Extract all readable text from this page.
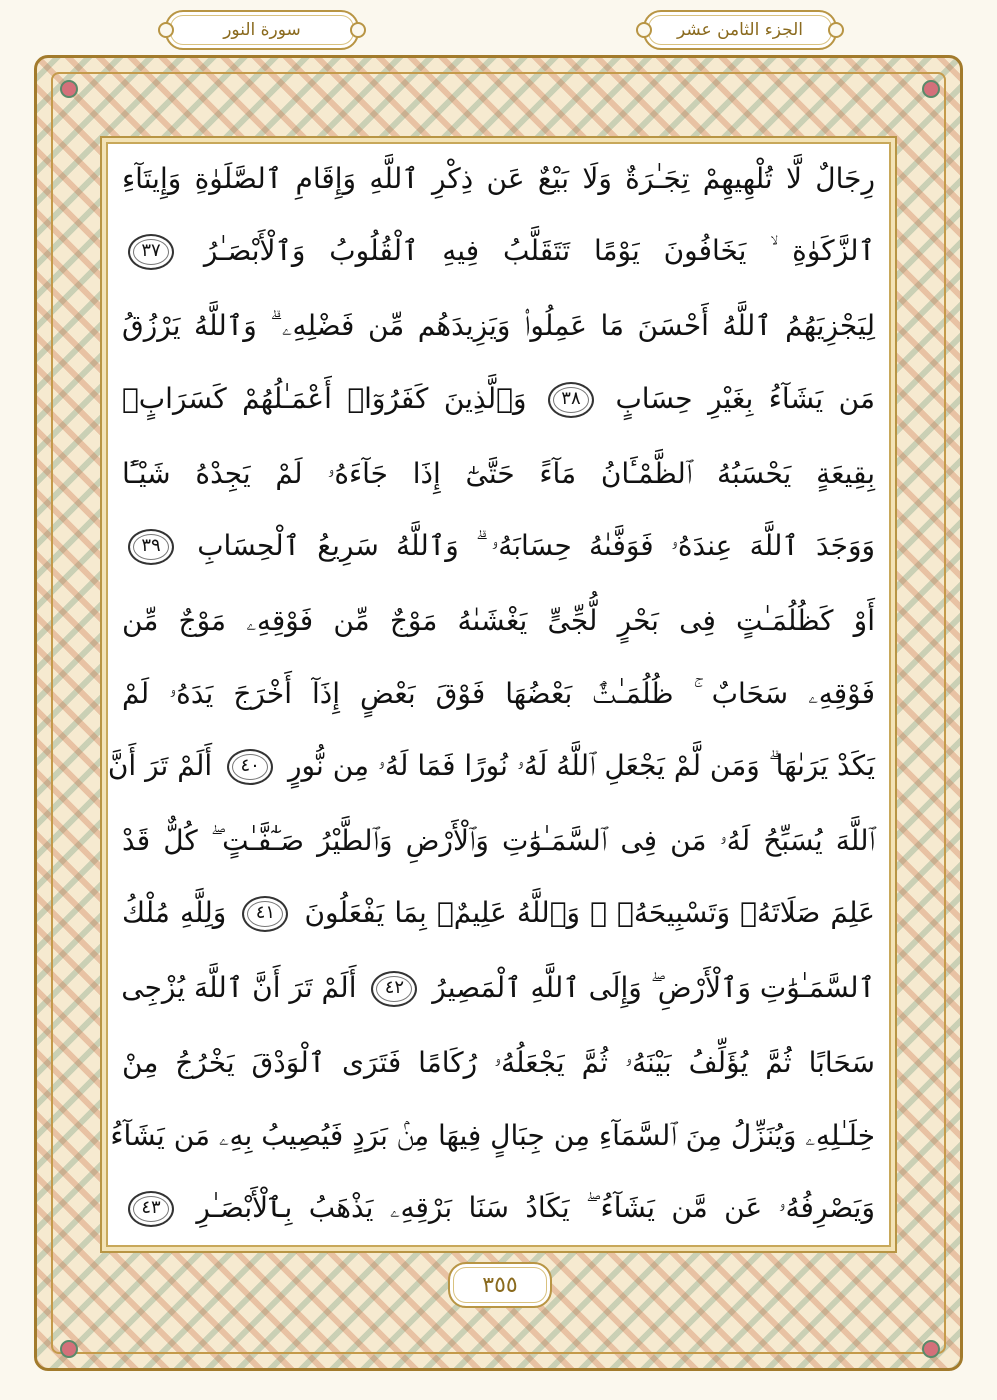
سورة النور	الجزء الثامن عشر
رِجَالٌ لَّا تُلْهِيهِمْ تِجَـٰرَةٌ وَلَا بَيْعٌ عَن ذِكْرِ ٱللَّهِ وَإِقَامِ ٱلصَّلَوٰةِ وَإِيتَآءِ
ٱلزَّكَوٰةِ ۙ يَخَافُونَ يَوْمًا تَتَقَلَّبُ فِيهِ ٱلْقُلُوبُ وَٱلْأَبْصَـٰرُ ٣٧
لِيَجْزِيَهُمُ ٱللَّهُ أَحْسَنَ مَا عَمِلُوا۟ وَيَزِيدَهُم مِّن فَضْلِهِۦ ۗ وَٱللَّهُ يَرْزُقُ
مَن يَشَآءُ بِغَيْرِ حِسَابٍ ٣٨ وَٱلَّذِينَ كَفَرُوٓا۟ أَعْمَـٰلُهُمْ كَسَرَابٍۭ
بِقِيعَةٍ يَحْسَبُهُ ٱلظَّمْـَٔانُ مَآءً حَتَّىٰٓ إِذَا جَآءَهُۥ لَمْ يَجِدْهُ شَيْـًٔا
وَوَجَدَ ٱللَّهَ عِندَهُۥ فَوَفَّىٰهُ حِسَابَهُۥ ۗ وَٱللَّهُ سَرِيعُ ٱلْحِسَابِ ٣٩
أَوْ كَظُلُمَـٰتٍ فِى بَحْرٍ لُّجِّىٍّ يَغْشَىٰهُ مَوْجٌ مِّن فَوْقِهِۦ مَوْجٌ مِّن
فَوْقِهِۦ سَحَابٌ ۚ ظُلُمَـٰتٌۢ بَعْضُهَا فَوْقَ بَعْضٍ إِذَآ أَخْرَجَ يَدَهُۥ لَمْ
يَكَدْ يَرَىٰهَا ۗ وَمَن لَّمْ يَجْعَلِ ٱللَّهُ لَهُۥ نُورًا فَمَا لَهُۥ مِن نُّورٍ ٤٠ أَلَمْ تَرَ أَنَّ
ٱللَّهَ يُسَبِّحُ لَهُۥ مَن فِى ٱلسَّمَـٰوَٰتِ وَٱلْأَرْضِ وَٱلطَّيْرُ صَـٰٓفَّـٰتٍ ۖ كُلٌّ قَدْ
عَلِمَ صَلَاتَهُۥ وَتَسْبِيحَهُۥ ۗ وَٱللَّهُ عَلِيمٌۢ بِمَا يَفْعَلُونَ ٤١ وَلِلَّهِ مُلْكُ
ٱلسَّمَـٰوَٰتِ وَٱلْأَرْضِ ۖ وَإِلَى ٱللَّهِ ٱلْمَصِيرُ ٤٢ أَلَمْ تَرَ أَنَّ ٱللَّهَ يُزْجِى
سَحَابًا ثُمَّ يُؤَلِّفُ بَيْنَهُۥ ثُمَّ يَجْعَلُهُۥ رُكَامًا فَتَرَى ٱلْوَدْقَ يَخْرُجُ مِنْ
خِلَـٰلِهِۦ وَيُنَزِّلُ مِنَ ٱلسَّمَآءِ مِن جِبَالٍ فِيهَا مِنۢ بَرَدٍ فَيُصِيبُ بِهِۦ مَن يَشَآءُ
وَيَصْرِفُهُۥ عَن مَّن يَشَآءُ ۖ يَكَادُ سَنَا بَرْقِهِۦ يَذْهَبُ بِٱلْأَبْصَـٰرِ ٤٣
٣٥٥
